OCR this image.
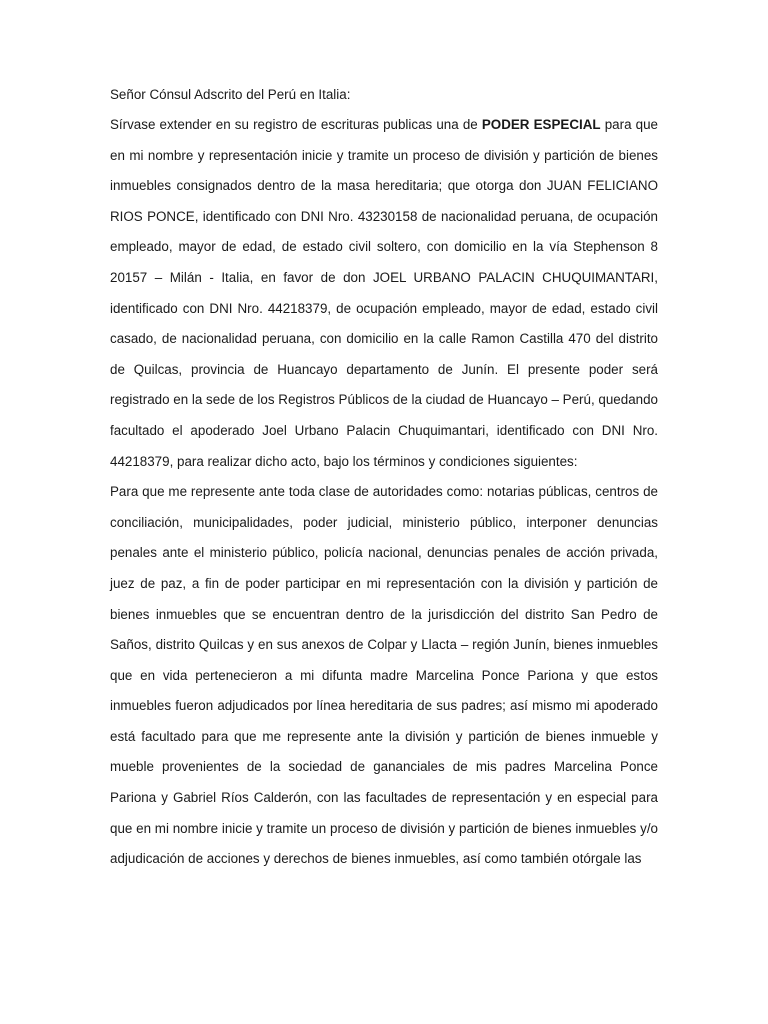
Señor Cónsul Adscrito del Perú en Italia:

Sírvase extender en su registro de escrituras publicas una de PODER ESPECIAL para que en mi nombre y representación inicie y tramite un proceso de división y partición de bienes inmuebles consignados dentro de la masa hereditaria; que otorga don JUAN FELICIANO RIOS PONCE, identificado con DNI Nro. 43230158 de nacionalidad peruana, de ocupación empleado, mayor de edad, de estado civil soltero, con domicilio en la vía Stephenson 8 20157 – Milán - Italia, en favor de don JOEL URBANO PALACIN CHUQUIMANTARI, identificado con DNI Nro. 44218379, de ocupación empleado, mayor de edad, estado civil casado, de nacionalidad peruana, con domicilio en la calle Ramon Castilla 470 del distrito de Quilcas, provincia de Huancayo departamento de Junín. El presente poder será registrado en la sede de los Registros Públicos de la ciudad de Huancayo – Perú, quedando facultado el apoderado Joel Urbano Palacin Chuquimantari, identificado con DNI Nro. 44218379, para realizar dicho acto, bajo los términos y condiciones siguientes:

Para que me represente ante toda clase de autoridades como: notarias públicas, centros de conciliación, municipalidades, poder judicial, ministerio público, interponer denuncias penales ante el ministerio público, policía nacional, denuncias penales de acción privada, juez de paz, a fin de poder participar en mi representación con la división y partición de bienes inmuebles que se encuentran dentro de la jurisdicción del distrito San Pedro de Saños, distrito Quilcas y en sus anexos de Colpar y Llacta – región Junín, bienes inmuebles que en vida pertenecieron a mi difunta madre Marcelina Ponce Pariona y que estos inmuebles fueron adjudicados por línea hereditaria de sus padres; así mismo mi apoderado está facultado para que me represente ante la división y partición de bienes inmueble y mueble provenientes de la sociedad de gananciales de mis padres Marcelina Ponce Pariona y Gabriel Ríos Calderón, con las facultades de representación y en especial para que en mi nombre inicie y tramite un proceso de división y partición de bienes inmuebles y/o adjudicación de acciones y derechos de bienes inmuebles, así como también otórgale las
